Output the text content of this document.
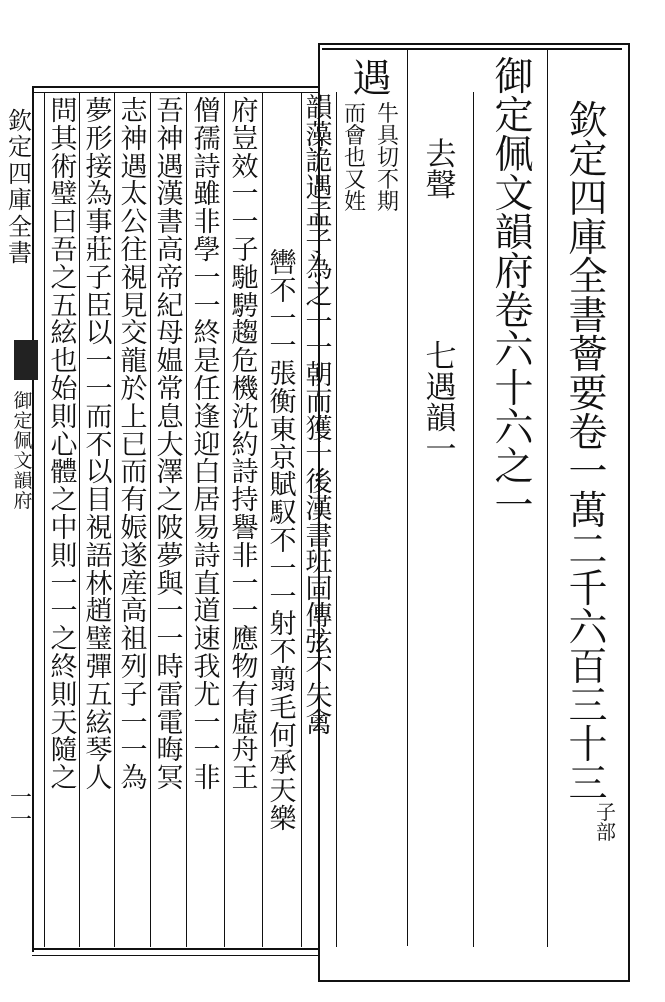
欽
定
四
庫
全
書
薈
要
卷
一
萬
二
千
六
百
三
十
三
子
部
御
定
佩
文
韻
府
卷
六
十
六
之
一
去
聲
七
遇
韻
一
遇
牛
具
切
不
期
而
會
也
又
姓
韻
藻
詭
遇
孟
子
為
之
一
一
朝
而
獲
十
後
漢
書
班
固
傳
弦
不
失
禽
轡
不
一
一
張
衡
東
京
賦
馭
不
一
一
射
不
翦
毛
何
承
天
樂
府
豈
效
一
一
子
馳
騁
趨
危
機
沈
約
詩
持
譽
非
一
一
應
物
有
虛
舟
王
僧
孺
詩
雖
非
學
一
一
終
是
任
逢
迎
白
居
易
詩
直
道
速
我
尤
一
一
非
吾
神
遇
漢
書
高
帝
紀
母
媪
常
息
大
澤
之
陂
夢
與
一
一
時
雷
電
晦
冥
志
神
遇
太
公
往
視
見
交
龍
於
上
已
而
有
娠
遂
産
高
祖
列
子
一
一
為
夢
形
接
為
事
莊
子
臣
以
一
一
而
不
以
目
視
語
林
趙
璧
彈
五
絃
琴
人
問
其
術
璧
曰
吾
之
五
絃
也
始
則
心
體
之
中
則
一
一
之
終
則
天
隨
之
欽
定
四
庫
全
書
御
定
佩
文
韻
府
一
一
